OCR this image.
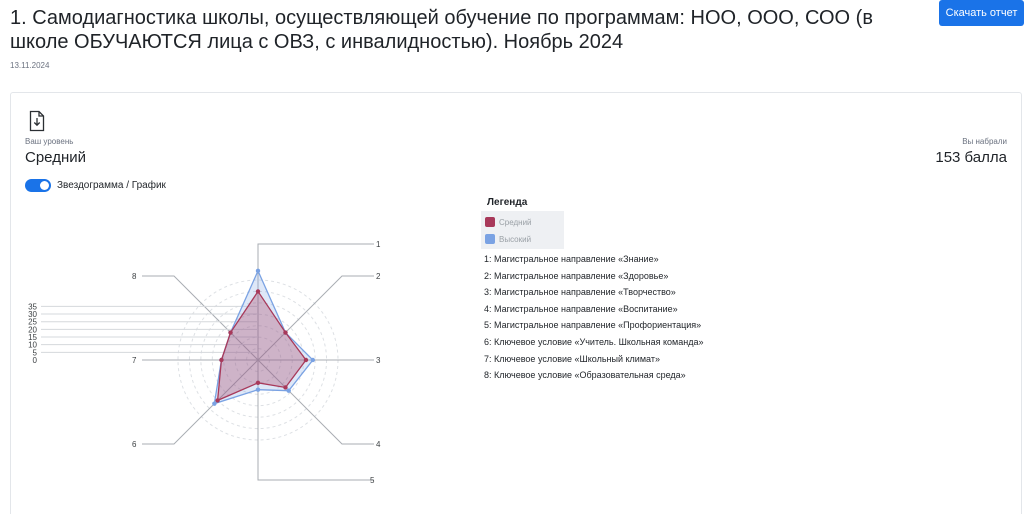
1. Самодиагностика школы, осуществляющей обучение по программам: НОО, ООО, СОО (в школе ОБУЧАЮТСЯ лица с ОВЗ, с инвалидностью). Ноябрь 2024
Скачать отчет
13.11.2024
Ваш уровень
Средний
Вы набрали
153 балла
Звездограмма / График
1
2
3
4
5
6
7
8
0
5
10
15
20
25
30
35
Легенда
Средний
Высокий
1: Магистральное направление «Знание»
2: Магистральное направление «Здоровье»
3: Магистральное направление «Творчество»
4: Магистральное направление «Воспитание»
5: Магистральное направление «Профориентация»
6: Ключевое условие «Учитель. Школьная команда»
7: Ключевое условие «Школьный климат»
8: Ключевое условие «Образовательная среда»
